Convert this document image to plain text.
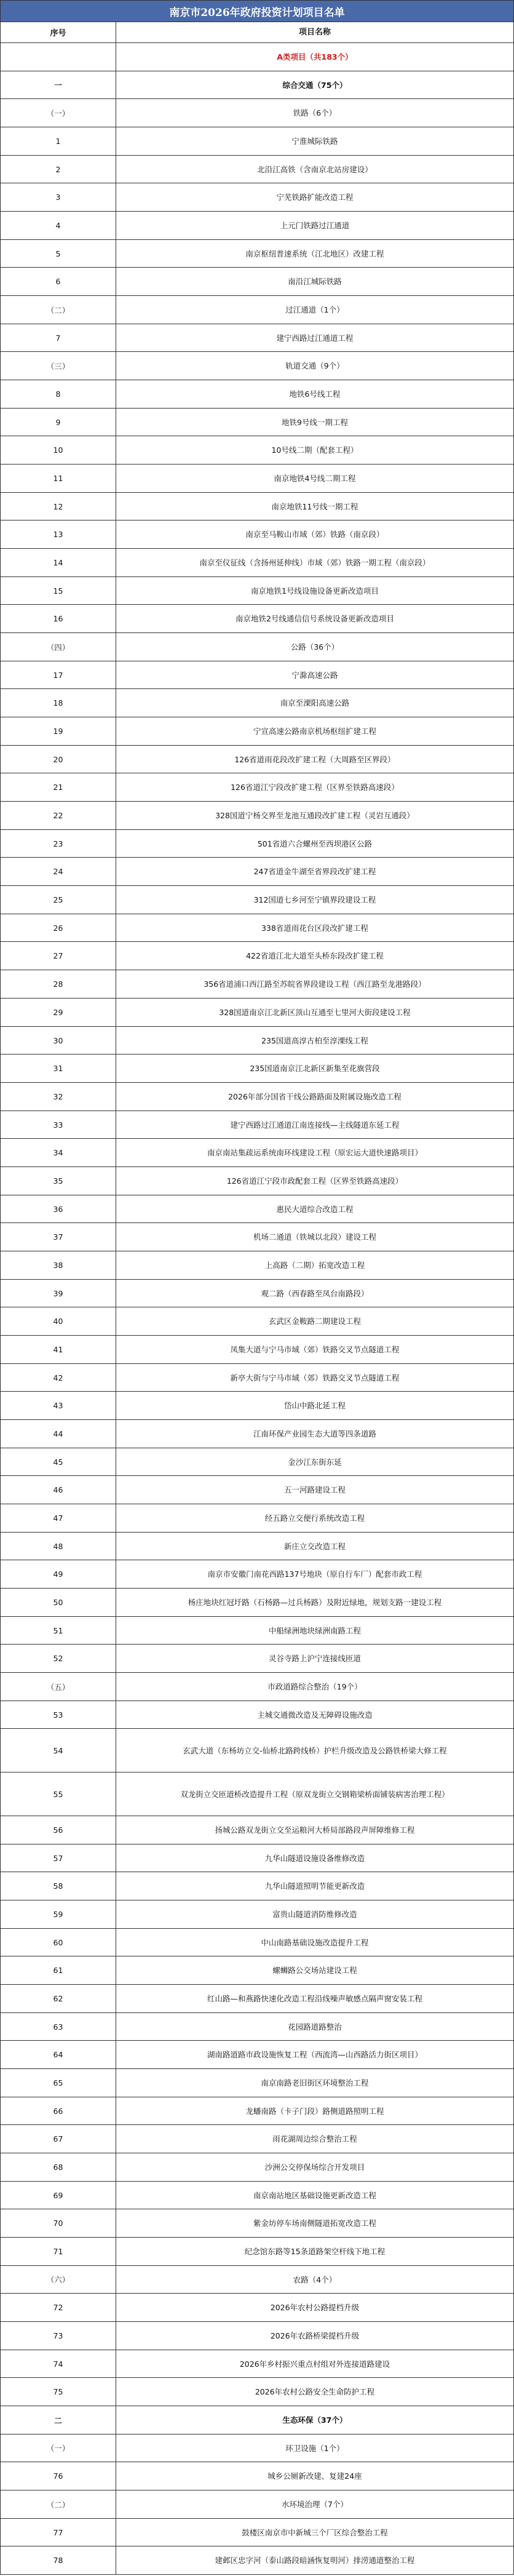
南京市2026年政府投资计划项目名单
序号	项目名称
A类项目（共183个）
一	综合交通（75个）
（一）	铁路（6个）
1	宁淮城际铁路
2	北沿江高铁（含南京北站房建设）
3	宁芜铁路扩能改造工程
4	上元门铁路过江通道
5	南京枢纽普速系统（江北地区）改建工程
6	南沿江城际铁路
（二）	过江通道（1个）
7	建宁西路过江通道工程
（三）	轨道交通（9个）
8	地铁6号线工程
9	地铁9号线一期工程
10	10号线二期（配套工程）
11	南京地铁4号线二期工程
12	南京地铁11号线一期工程
13	南京至马鞍山市域（郊）铁路（南京段）
14	南京至仪征线（含扬州延伸线）市域（郊）铁路一期工程（南京段）
15	南京地铁1号线设施设备更新改造项目
16	南京地铁2号线通信信号系统设备更新改造项目
（四）	公路（36个）
17	宁滁高速公路
18	南京至溧阳高速公路
19	宁宣高速公路南京机场枢纽扩建工程
20	126省道雨花段改扩建工程（大周路至区界段）
21	126省道江宁段改扩建工程（区界至铁路高速段）
22	328国道宁杨交界至龙池互通段改扩建工程（灵岩互通段）
23	501省道六合螺州至西坝港区公路
24	247省道金牛湖至省界段改扩建工程
25	312国道七乡河至宁镇界段建设工程
26	338省道雨花台区段改扩建工程
27	422省道江北大道至头桥东段改扩建工程
28	356省道浦口西江路至苏皖省界段建设工程（西江路至龙港路段）
29	328国道南京江北新区顶山互通至七里河大街段建设工程
30	235国道高淳古柏至淳溧线工程
31	235国道南京江北新区新集至花旗营段
32	2026年部分国省干线公路路面及附属设施改造工程
33	建宁西路过江通道江南连接线—主线隧道东延工程
34	南京南站集疏运系统南环线建设工程（原宏运大道快速路项目）
35	126省道江宁段市政配套工程（区界至铁路高速段）
36	惠民大道综合改造工程
37	机场二通道（铁城以北段）建设工程
38	上高路（二期）拓宽改造工程
39	观二路（西春路至凤台南路段）
40	玄武区金鞍路二期建设工程
41	凤集大道与宁马市域（郊）铁路交叉节点隧道工程
42	新亭大街与宁马市域（郊）铁路交叉节点隧道工程
43	岱山中路北延工程
44	江南环保产业园生态大道等四条道路
45	金沙江东街东延
46	五一河路建设工程
47	经五路立交便行系统改造工程
48	新庄立交改造工程
49	南京市安徽门南花西路137号地块（原自行车厂）配套市政工程
50	杨庄地块红冠圩路（石杨路—过兵杨路）及附近绿地，规划支路一建设工程
51	中船绿洲地块绿洲南路工程
52	灵谷寺路上沪宁连接线匝道
（五）	市政道路综合整治（19个）
53	主城交通微改造及无障碍设施改造
54	玄武大道（东杨坊立交-仙桥北路跨线桥）护栏升级改造及公路铁桥梁大修工程
55	双龙街立交匝道桥改造提升工程（原双龙街立交钢箱梁桥面铺装病害治理工程）
56	扬城公路双龙街立交至运粮河大桥局部路段声屏障维修工程
57	九华山隧道设施设备维修改造
58	九华山隧道照明节能更新改造
59	富贵山隧道消防维修改造
60	中山南路基础设施改造提升工程
61	螺蛳路公交场站建设工程
62	红山路—和燕路快速化改造工程沿线噪声敏感点隔声窗安装工程
63	花园路道路整治
64	湖南路道路市政设施恢复工程（西流湾—山西路活力街区项目）
65	南京南路老旧街区环境整治工程
66	龙蟠南路（卡子门段）路侧道路照明工程
67	雨花湖周边综合整治工程
68	沙洲公交停保场综合开发项目
69	南京南站地区基础设施更新改造工程
70	紫金坊停车场南侧隧道拓宽改造工程
71	纪念馆东路等15条道路架空杆线下地工程
（六）	农路（4个）
72	2026年农村公路提档升级
73	2026年农路桥梁提档升级
74	2026年乡村振兴重点村组对外连接道路建设
75	2026年农村公路安全生命防护工程
二	生态环保（37个）
（一）	环卫设施（1个）
76	城乡公厕新改建、复建24座
（二）	水环境治理（7个）
77	鼓楼区南京市中新城三个厂区综合整治工程
78	建邺区忠字河（泰山路段暗涵恢复明河）排涝通道整治工程
